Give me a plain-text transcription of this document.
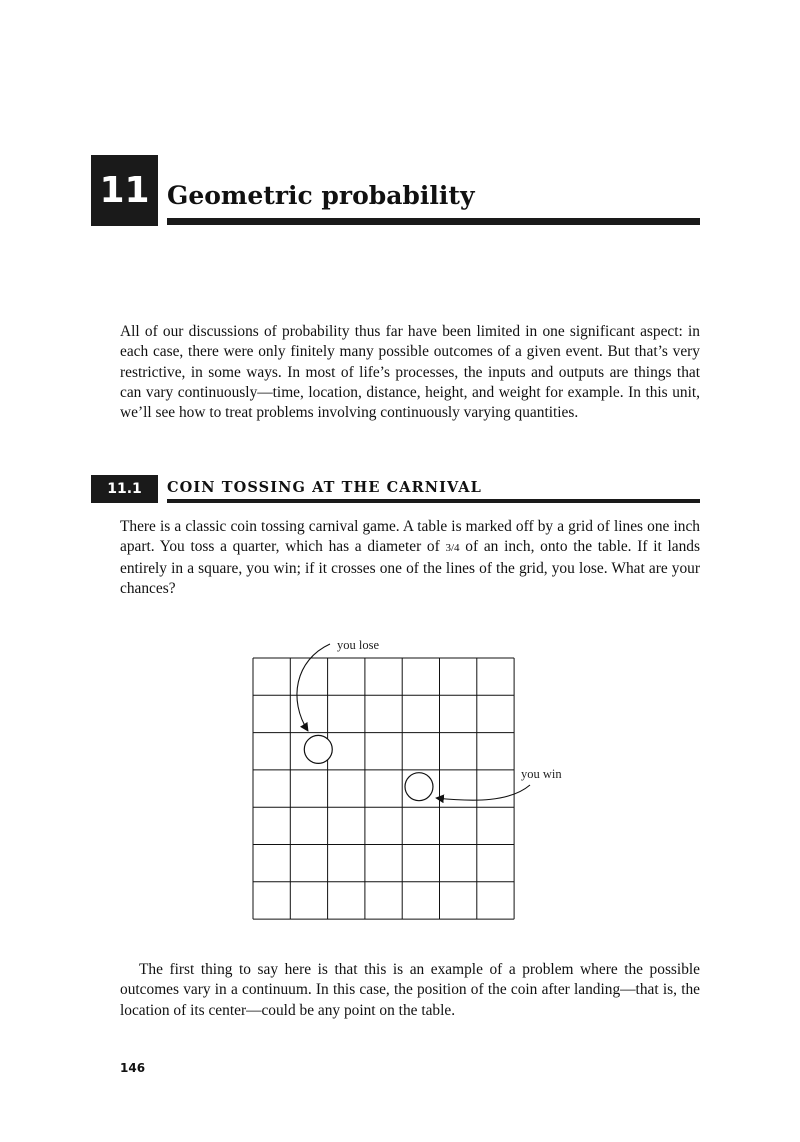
11 Geometric probability

All of our discussions of probability thus far have been limited in one significant aspect: in each case, there were only finitely many possible outcomes of a given event. But that’s very restrictive, in some ways. In most of life’s processes, the inputs and outputs are things that can vary continuously—time, location, distance, height, and weight for example. In this unit, we’ll see how to treat problems involving continuously varying quantities.

11.1 COIN TOSSING AT THE CARNIVAL

There is a classic coin tossing carnival game. A table is marked off by a grid of lines one inch apart. You toss a quarter, which has a diameter of 3/4 of an inch, onto the table. If it lands entirely in a square, you win; if it crosses one of the lines of the grid, you lose. What are your chances?

you lose
you win

The first thing to say here is that this is an example of a problem where the possible outcomes vary in a continuum. In this case, the position of the coin after landing—that is, the location of its center—could be any point on the table.

146
